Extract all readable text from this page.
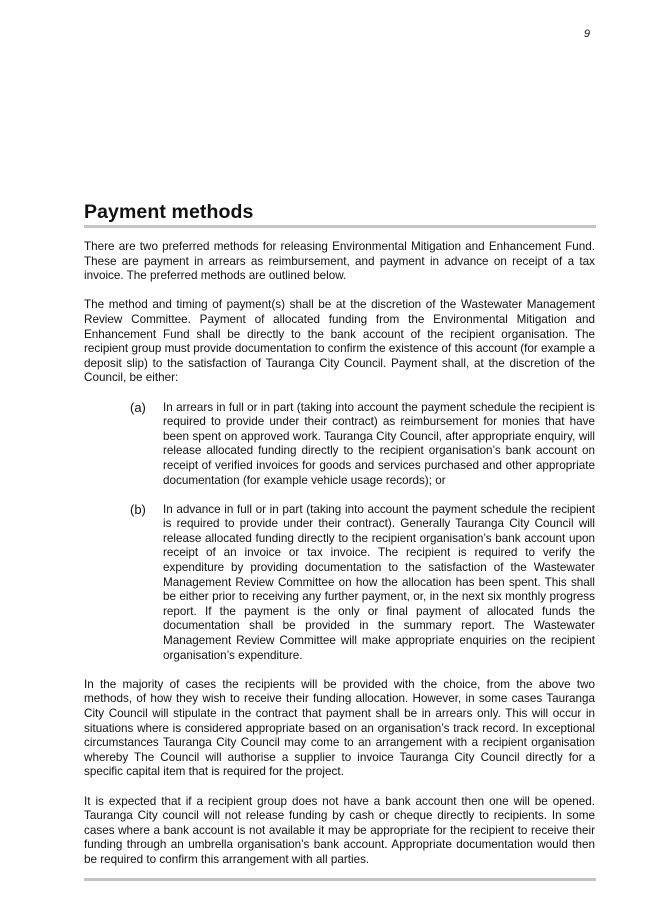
9
Payment methods

There are two preferred methods for releasing Environmental Mitigation and Enhancement Fund. These are payment in arrears as reimbursement, and payment in advance on receipt of a tax invoice. The preferred methods are outlined below.

The method and timing of payment(s) shall be at the discretion of the Wastewater Management Review Committee. Payment of allocated funding from the Environmental Mitigation and Enhancement Fund shall be directly to the bank account of the recipient organisation. The recipient group must provide documentation to confirm the existence of this account (for example a deposit slip) to the satisfaction of Tauranga City Council. Payment shall, at the discretion of the Council, be either:

(a)	In arrears in full or in part (taking into account the payment schedule the recipient is required to provide under their contract) as reimbursement for monies that have been spent on approved work. Tauranga City Council, after appropriate enquiry, will release allocated funding directly to the recipient organisation’s bank account on receipt of verified invoices for goods and services purchased and other appropriate documentation (for example vehicle usage records); or
(b)	In advance in full or in part (taking into account the payment schedule the recipient is required to provide under their contract). Generally Tauranga City Council will release allocated funding directly to the recipient organisation’s bank account upon receipt of an invoice or tax invoice. The recipient is required to verify the expenditure by providing documentation to the satisfaction of the Wastewater Management Review Committee on how the allocation has been spent. This shall be either prior to receiving any further payment, or, in the next six monthly progress report. If the payment is the only or final payment of allocated funds the documentation shall be provided in the summary report. The Wastewater Management Review Committee will make appropriate enquiries on the recipient organisation’s expenditure.

In the majority of cases the recipients will be provided with the choice, from the above two methods, of how they wish to receive their funding allocation. However, in some cases Tauranga City Council will stipulate in the contract that payment shall be in arrears only. This will occur in situations where is considered appropriate based on an organisation’s track record. In exceptional circumstances Tauranga City Council may come to an arrangement with a recipient organisation whereby The Council will authorise a supplier to invoice Tauranga City Council directly for a specific capital item that is required for the project.

It is expected that if a recipient group does not have a bank account then one will be opened. Tauranga City council will not release funding by cash or cheque directly to recipients. In some cases where a bank account is not available it may be appropriate for the recipient to receive their funding through an umbrella organisation’s bank account. Appropriate documentation would then be required to confirm this arrangement with all parties.
